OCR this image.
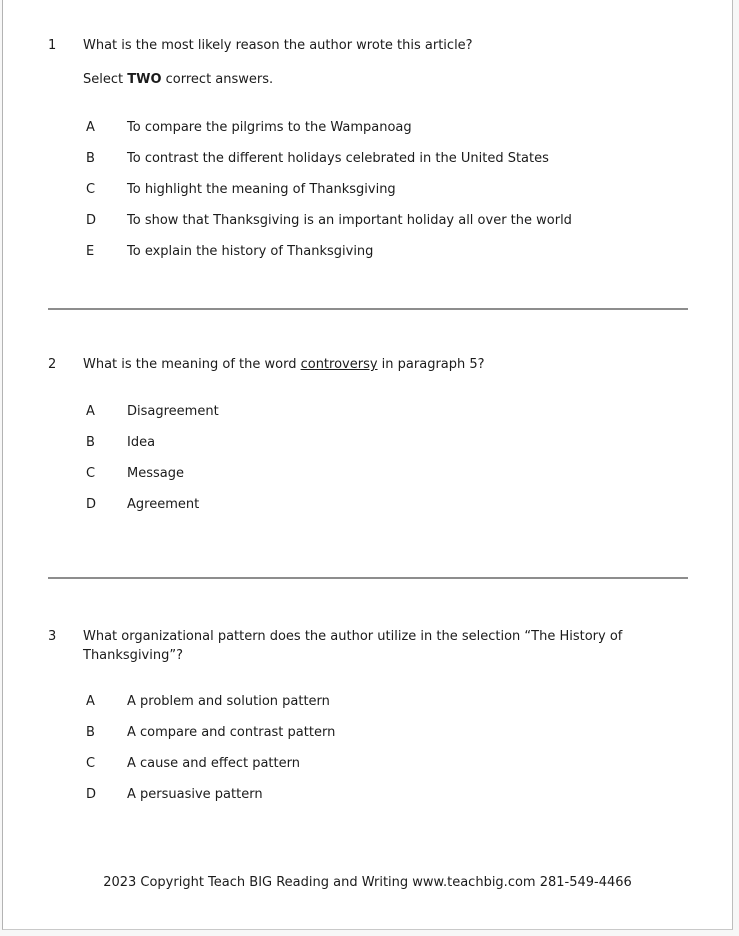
1	What is the most likely reason the author wrote this article?
Select TWO correct answers.
A	To compare the pilgrims to the Wampanoag
B	To contrast the different holidays celebrated in the United States
C	To highlight the meaning of Thanksgiving
D	To show that Thanksgiving is an important holiday all over the world
E	To explain the history of Thanksgiving
2	What is the meaning of the word controversy in paragraph 5?
A	Disagreement
B	Idea
C	Message
D	Agreement
3	What organizational pattern does the author utilize in the selection “The History of Thanksgiving”?
A	A problem and solution pattern
B	A compare and contrast pattern
C	A cause and effect pattern
D	A persuasive pattern
2023 Copyright Teach BIG Reading and Writing www.teachbig.com 281-549-4466
